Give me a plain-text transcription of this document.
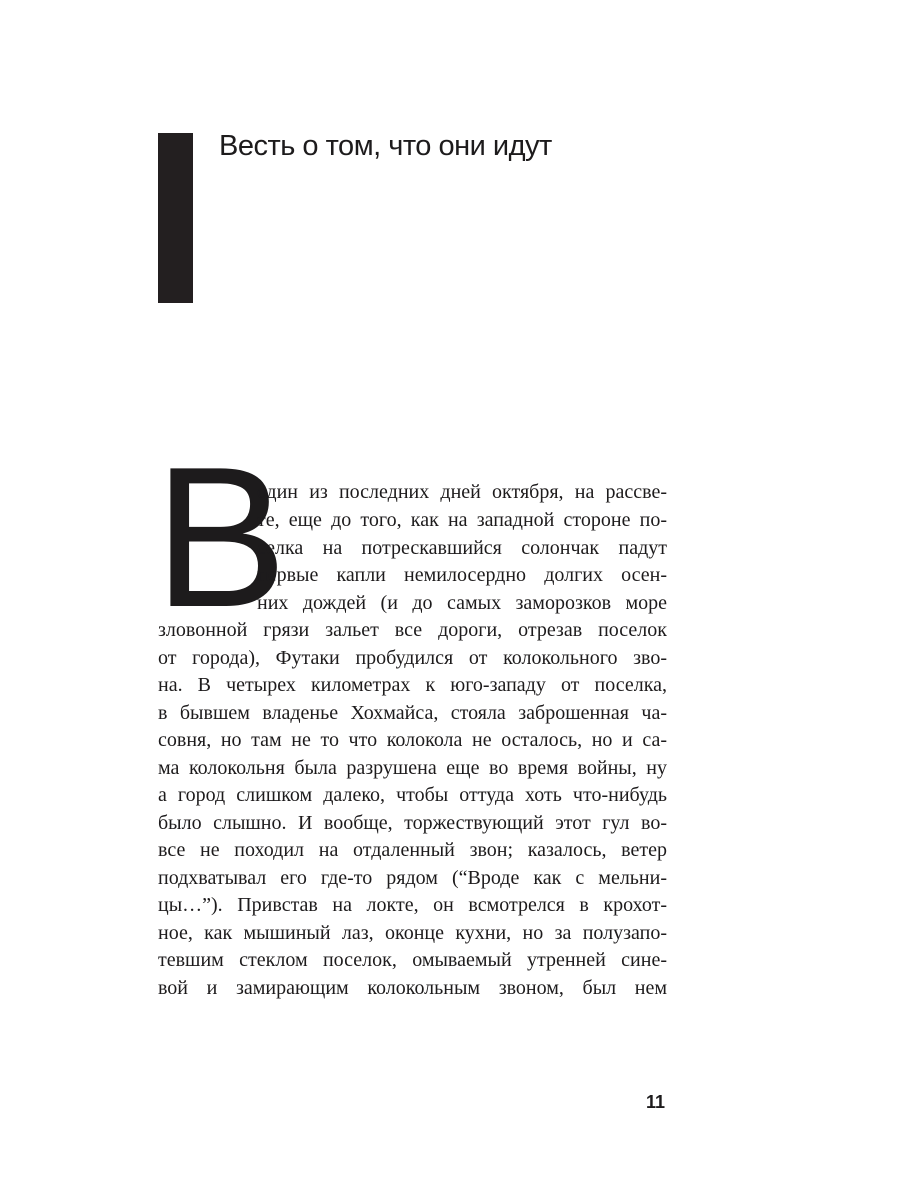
Весть о том, что они идут
В
один из последних дней октября, на рассве-
те, еще до того, как на западной стороне по-
селка на потрескавшийся солончак падут
первые капли немилосердно долгих осен-
них дождей (и до самых заморозков море
зловонной грязи зальет все дороги, отрезав поселок
от города), Футаки пробудился от колокольного зво-
на. В четырех километрах к юго-западу от поселка,
в бывшем владенье Хохмайса, стояла заброшенная ча-
совня, но там не то что колокола не осталось, но и са-
ма колокольня была разрушена еще во время войны, ну
а город слишком далеко, чтобы оттуда хоть что-нибудь
было слышно. И вообще, торжествующий этот гул во-
все не походил на отдаленный звон; казалось, ветер
подхватывал его где-то рядом (“Вроде как с мельни-
цы…”). Привстав на локте, он всмотрелся в крохот-
ное, как мышиный лаз, оконце кухни, но за полузапо-
тевшим стеклом поселок, омываемый утренней сине-
вой и замирающим колокольным звоном, был нем
11
